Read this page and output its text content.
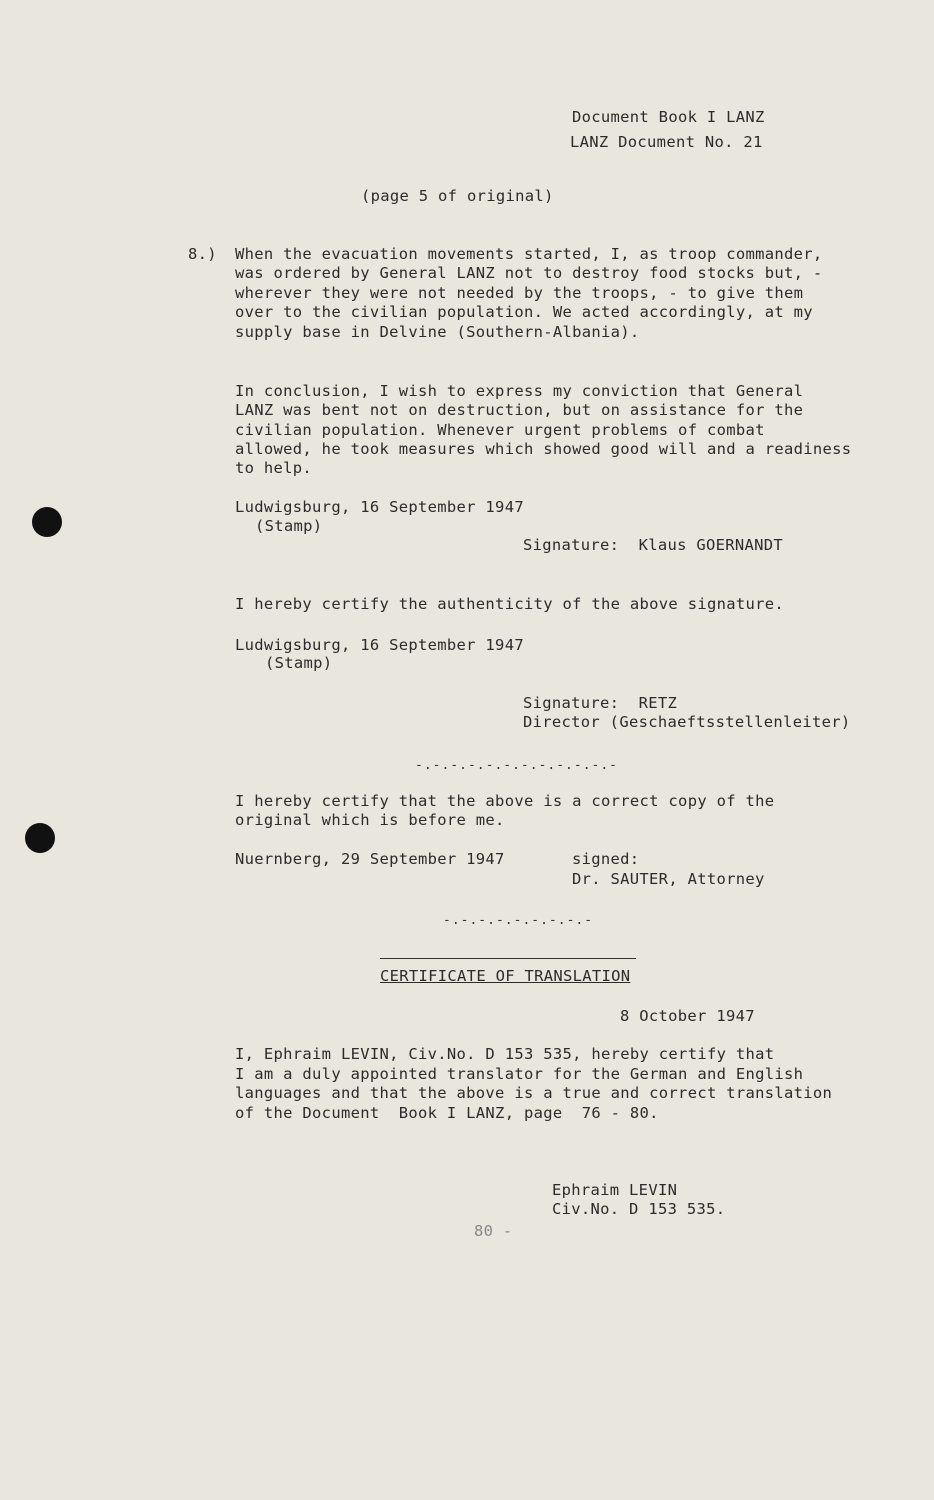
Document Book I LANZ
LANZ Document No. 21
(page 5 of original)
8.) When the evacuation movements started, I, as troop commander,
was ordered by General LANZ not to destroy food stocks but, -
wherever they were not needed by the troops, - to give them
over to the civilian population. We acted accordingly, at my
supply base in Delvine (Southern-Albania).
In conclusion, I wish to express my conviction that General
LANZ was bent not on destruction, but on assistance for the
civilian population. Whenever urgent problems of combat
allowed, he took measures which showed good will and a readiness
to help.
Ludwigsburg, 16 September 1947
(Stamp)
Signature:  Klaus GOERNANDT
I hereby certify the authenticity of the above signature.
Ludwigsburg, 16 September 1947
(Stamp)
Signature:  RETZ
Director (Geschaeftsstellenleiter)
-.-.-.-.-.-.-.-.-.-.-.-
I hereby certify that the above is a correct copy of the
original which is before me.
Nuernberg, 29 September 1947	signed:
Dr. SAUTER, Attorney
-.-.-.-.-.-.-.-.-
CERTIFICATE OF TRANSLATION
8 October 1947
I, Ephraim LEVIN, Civ.No. D 153 535, hereby certify that
I am a duly appointed translator for the German and English
languages and that the above is a true and correct translation
of the Document  Book I LANZ, page  76 - 80.
Ephraim LEVIN
Civ.No. D 153 535.
80 -
